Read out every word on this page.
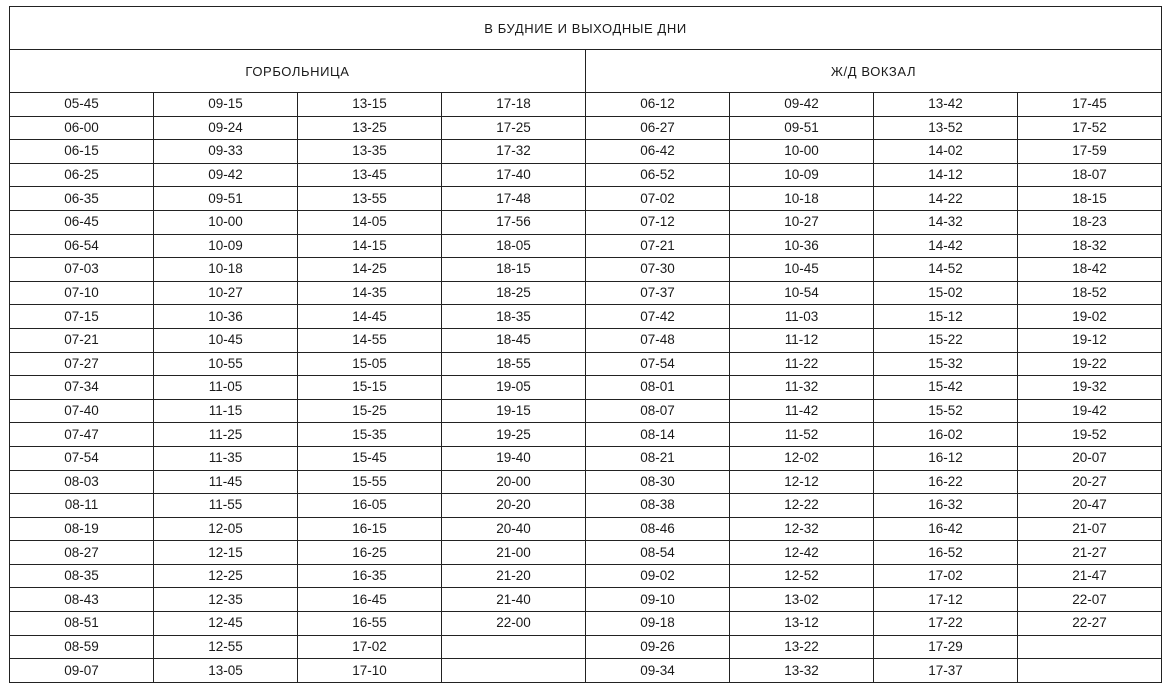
В БУДНИЕ И ВЫХОДНЫЕ ДНИ							
ГОРБОЛЬНИЦА				Ж/Д ВОКЗАЛ			
05-45	09-15	13-15	17-18	06-12	09-42	13-42	17-45
06-00	09-24	13-25	17-25	06-27	09-51	13-52	17-52
06-15	09-33	13-35	17-32	06-42	10-00	14-02	17-59
06-25	09-42	13-45	17-40	06-52	10-09	14-12	18-07
06-35	09-51	13-55	17-48	07-02	10-18	14-22	18-15
06-45	10-00	14-05	17-56	07-12	10-27	14-32	18-23
06-54	10-09	14-15	18-05	07-21	10-36	14-42	18-32
07-03	10-18	14-25	18-15	07-30	10-45	14-52	18-42
07-10	10-27	14-35	18-25	07-37	10-54	15-02	18-52
07-15	10-36	14-45	18-35	07-42	11-03	15-12	19-02
07-21	10-45	14-55	18-45	07-48	11-12	15-22	19-12
07-27	10-55	15-05	18-55	07-54	11-22	15-32	19-22
07-34	11-05	15-15	19-05	08-01	11-32	15-42	19-32
07-40	11-15	15-25	19-15	08-07	11-42	15-52	19-42
07-47	11-25	15-35	19-25	08-14	11-52	16-02	19-52
07-54	11-35	15-45	19-40	08-21	12-02	16-12	20-07
08-03	11-45	15-55	20-00	08-30	12-12	16-22	20-27
08-11	11-55	16-05	20-20	08-38	12-22	16-32	20-47
08-19	12-05	16-15	20-40	08-46	12-32	16-42	21-07
08-27	12-15	16-25	21-00	08-54	12-42	16-52	21-27
08-35	12-25	16-35	21-20	09-02	12-52	17-02	21-47
08-43	12-35	16-45	21-40	09-10	13-02	17-12	22-07
08-51	12-45	16-55	22-00	09-18	13-12	17-22	22-27
08-59	12-55	17-02		09-26	13-22	17-29	
09-07	13-05	17-10		09-34	13-32	17-37	
